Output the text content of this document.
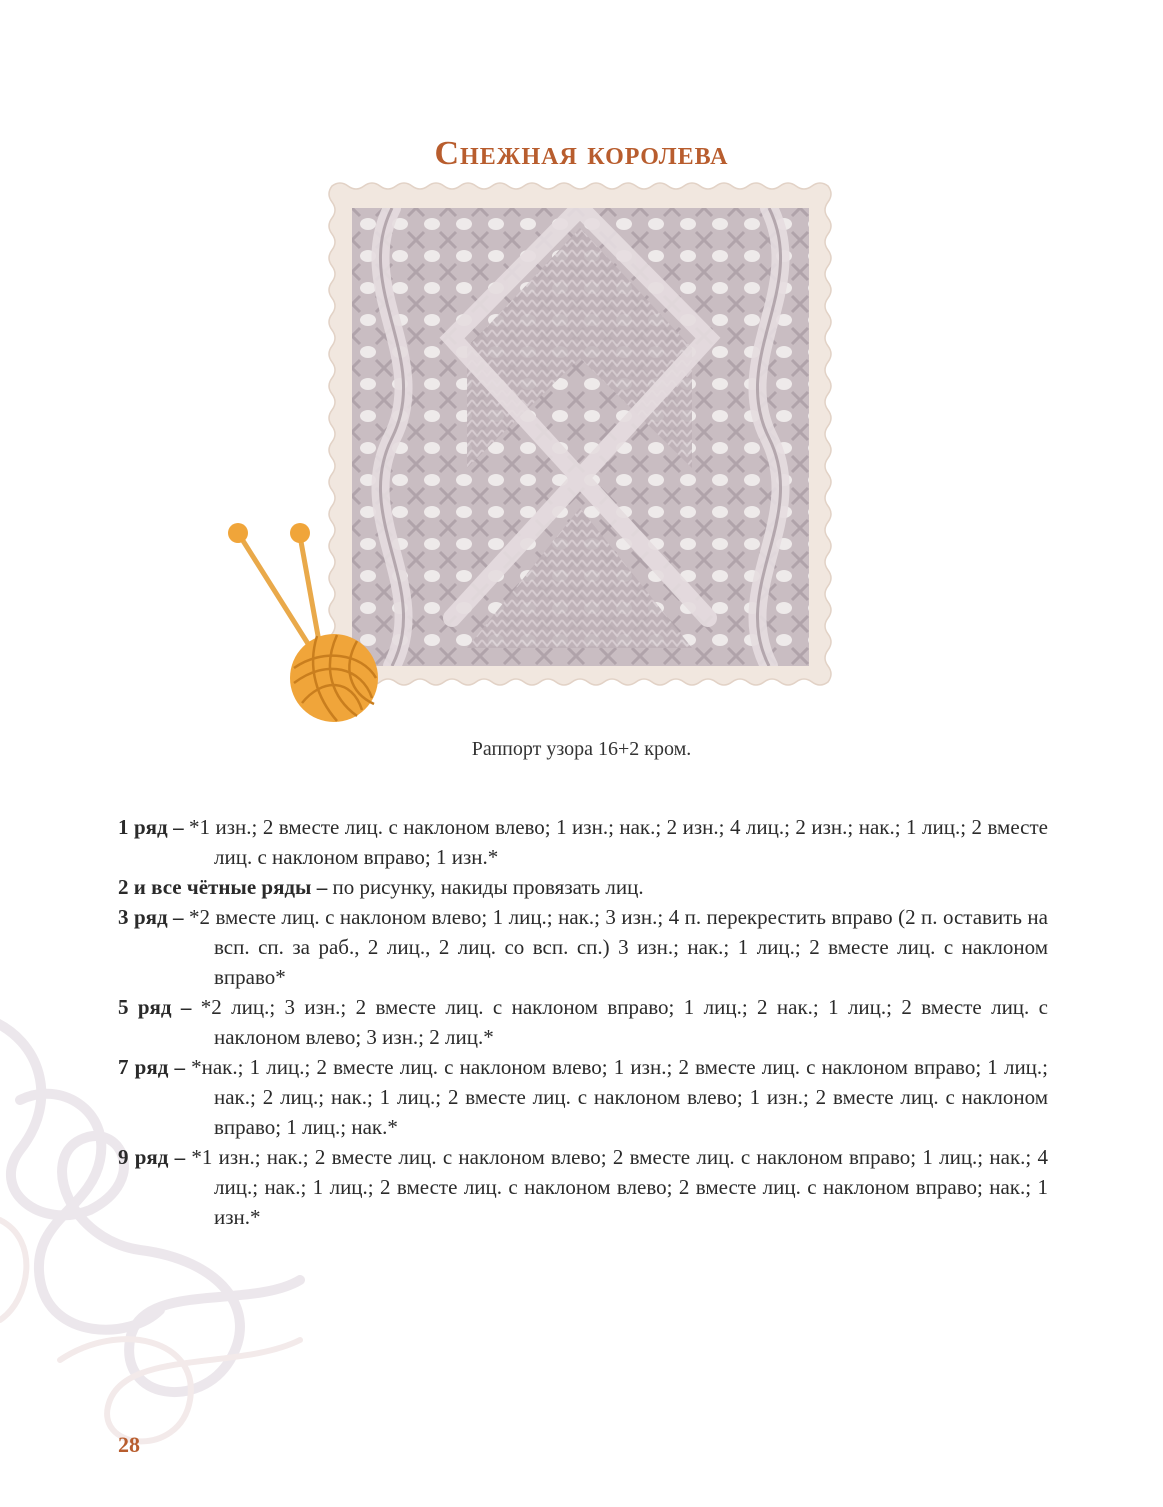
Снежная королева
Раппорт узора 16+2 кром.
1 ряд – *1 изн.; 2 вместе лиц. с наклоном влево; 1 изн.; нак.; 2 изн.; 4 лиц.; 2 изн.; нак.; 1 лиц.; 2 вместе лиц. с наклоном вправо; 1 изн.*
2 и все чётные ряды – по рисунку, накиды провязать лиц.
3 ряд – *2 вместе лиц. с наклоном влево; 1 лиц.; нак.; 3 изн.; 4 п. перекрестить вправо (2 п. оставить на всп. сп. за раб., 2 лиц., 2 лиц. со всп. сп.) 3 изн.; нак.; 1 лиц.; 2 вместе лиц. с наклоном вправо*
5 ряд – *2 лиц.; 3 изн.; 2 вместе лиц. с наклоном вправо; 1 лиц.; 2 нак.; 1 лиц.; 2 вместе лиц. с наклоном влево; 3 изн.; 2 лиц.*
7 ряд – *нак.; 1 лиц.; 2 вместе лиц. с наклоном влево; 1 изн.; 2 вместе лиц. с наклоном вправо; 1 лиц.; нак.; 2 лиц.; нак.; 1 лиц.; 2 вместе лиц. с наклоном влево; 1 изн.; 2 вместе лиц. с наклоном вправо; 1 лиц.; нак.*
9 ряд – *1 изн.; нак.; 2 вместе лиц. с наклоном влево; 2 вместе лиц. с наклоном вправо; 1 лиц.; нак.; 4 лиц.; нак.; 1 лиц.; 2 вместе лиц. с наклоном влево; 2 вместе лиц. с наклоном вправо; нак.; 1 изн.*
28
